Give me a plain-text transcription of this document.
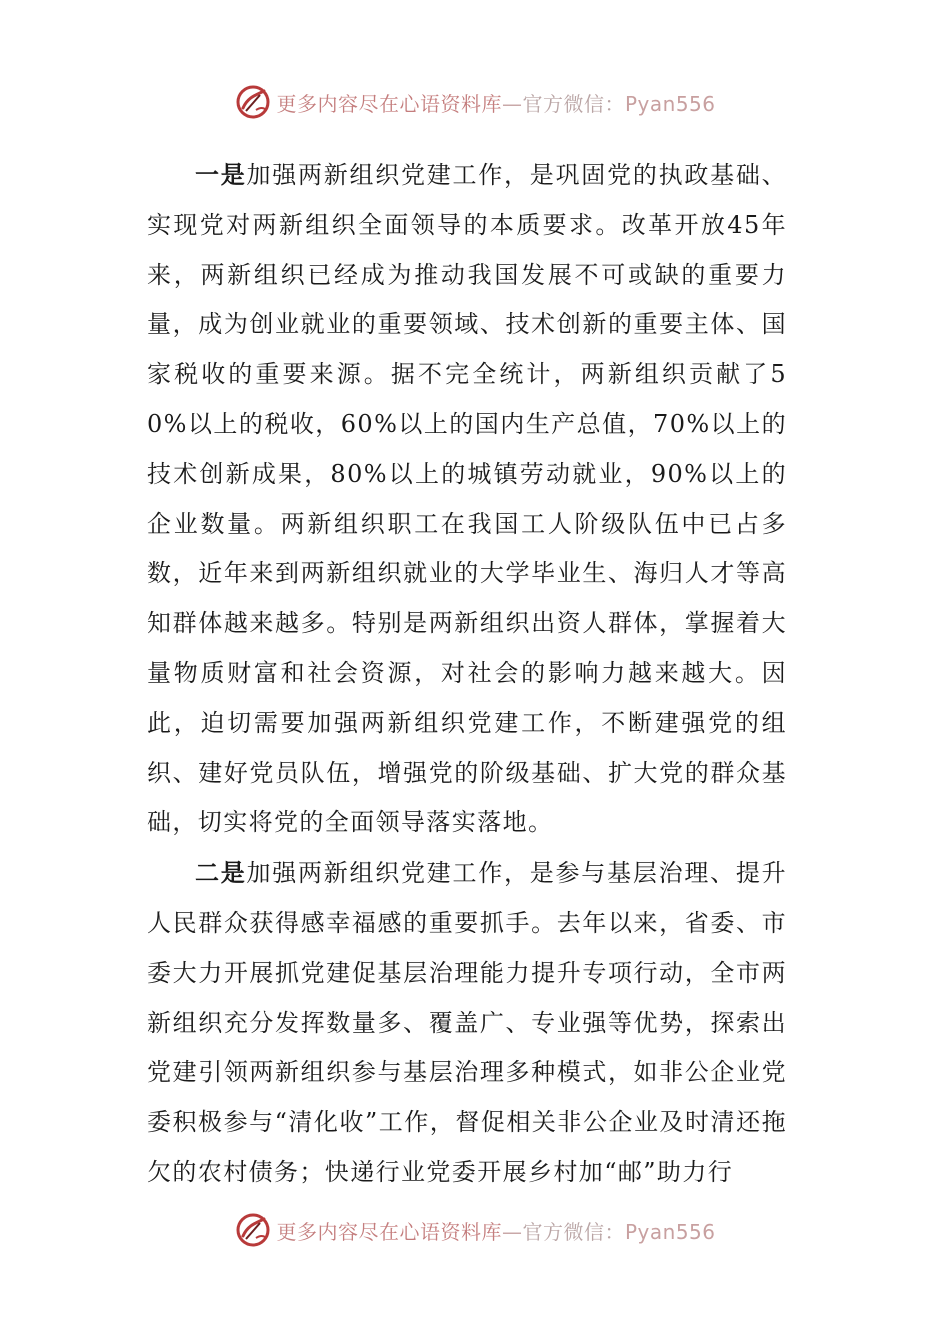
更多内容尽在心语资料库—官方微信：Pyan556

一是加强两新组织党建工作，是巩固党的执政基础、实现党对两新组织全面领导的本质要求。改革开放45年来，两新组织已经成为推动我国发展不可或缺的重要力量，成为创业就业的重要领域、技术创新的重要主体、国家税收的重要来源。据不完全统计，两新组织贡献了50%以上的税收，60%以上的国内生产总值，70%以上的技术创新成果，80%以上的城镇劳动就业，90%以上的企业数量。两新组织职工在我国工人阶级队伍中已占多数，近年来到两新组织就业的大学毕业生、海归人才等高知群体越来越多。特别是两新组织出资人群体，掌握着大量物质财富和社会资源，对社会的影响力越来越大。因此，迫切需要加强两新组织党建工作，不断建强党的组织、建好党员队伍，增强党的阶级基础、扩大党的群众基础，切实将党的全面领导落实落地。

二是加强两新组织党建工作，是参与基层治理、提升人民群众获得感幸福感的重要抓手。去年以来，省委、市委大力开展抓党建促基层治理能力提升专项行动，全市两新组织充分发挥数量多、覆盖广、专业强等优势，探索出党建引领两新组织参与基层治理多种模式，如非公企业党委积极参与“清化收”工作，督促相关非公企业及时清还拖欠的农村债务；快递行业党委开展乡村加“邮”助力行

更多内容尽在心语资料库—官方微信：Pyan556
